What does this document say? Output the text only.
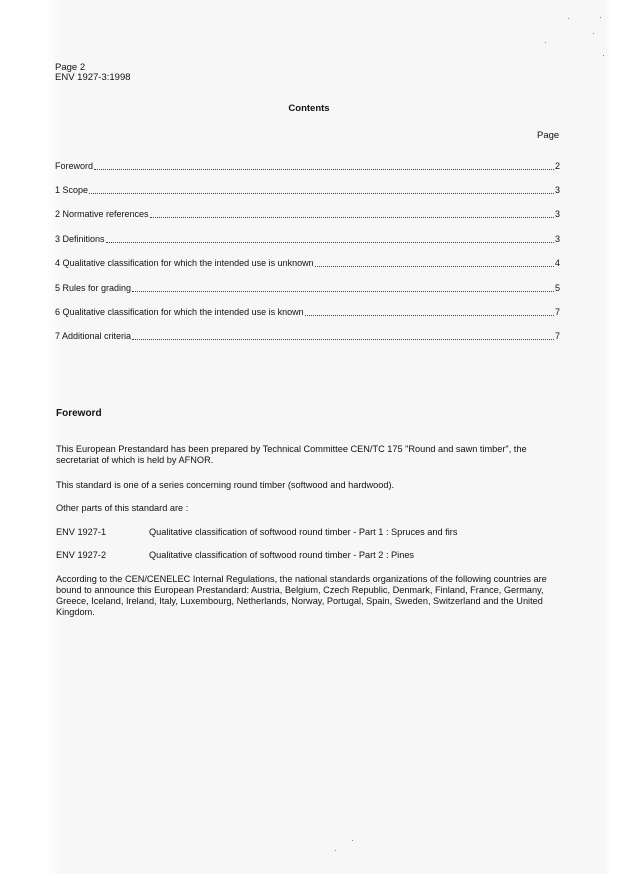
Page 2
ENV 1927-3:1998
Contents
Page
Foreword	2
1 Scope	3
2 Normative references	3
3 Definitions	3
4 Qualitative classification for which the intended use is unknown	4
5 Rules for grading	5
6 Qualitative classification for which the intended use is known	7
7 Additional criteria	7
Foreword
This European Prestandard has been prepared by Technical Committee CEN/TC 175 "Round and sawn timber", the secretariat of which is held by AFNOR.
This standard is one of a series concerning round timber (softwood and hardwood).
Other parts of this standard are :
ENV 1927-1	Qualitative classification of softwood round timber - Part 1 : Spruces and firs
ENV 1927-2	Qualitative classification of softwood round timber - Part 2 : Pines
According to the CEN/CENELEC Internal Regulations, the national standards organizations of the following countries are bound to announce this European Prestandard: Austria, Belgium, Czech Republic, Denmark, Finland, France, Germany, Greece, Iceland, Ireland, Italy, Luxembourg, Netherlands, Norway, Portugal, Spain, Sweden, Switzerland and the United Kingdom.
